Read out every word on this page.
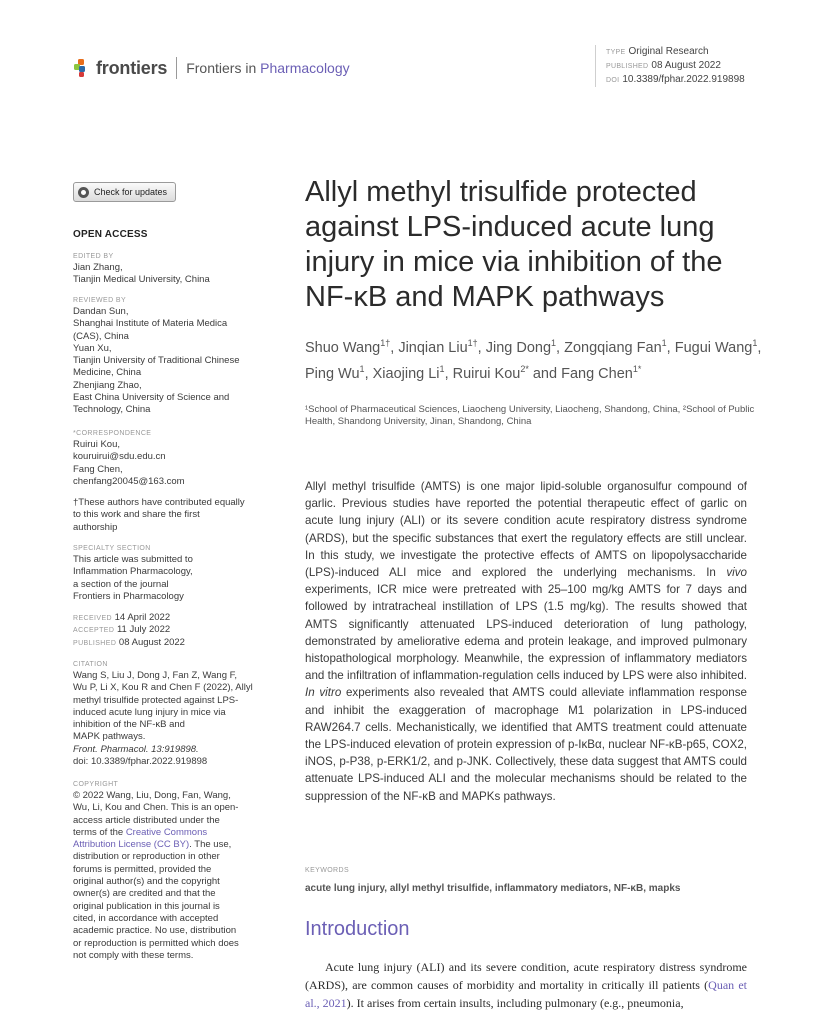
frontiers Frontiers in Pharmacology
TYPE Original Research
PUBLISHED 08 August 2022
DOI 10.3389/fphar.2022.919898
Check for updates
OPEN ACCESS
EDITED BY
Jian Zhang,
Tianjin Medical University, China
REVIEWED BY
Dandan Sun,
Shanghai Institute of Materia Medica
(CAS), China
Yuan Xu,
Tianjin University of Traditional Chinese
Medicine, China
Zhenjiang Zhao,
East China University of Science and
Technology, China
*CORRESPONDENCE
Ruirui Kou,
kouruirui@sdu.edu.cn
Fang Chen,
chenfang20045@163.com
†These authors have contributed equally
to this work and share the first
authorship
SPECIALTY SECTION
This article was submitted to
Inflammation Pharmacology,
a section of the journal
Frontiers in Pharmacology
RECEIVED 14 April 2022
ACCEPTED 11 July 2022
PUBLISHED 08 August 2022
CITATION
Wang S, Liu J, Dong J, Fan Z, Wang F,
Wu P, Li X, Kou R and Chen F (2022), Allyl
methyl trisulfide protected against LPS-
induced acute lung injury in mice via
inhibition of the NF-κB and
MAPK pathways.
Front. Pharmacol. 13:919898.
doi: 10.3389/fphar.2022.919898
COPYRIGHT
© 2022 Wang, Liu, Dong, Fan, Wang,
Wu, Li, Kou and Chen. This is an open-
access article distributed under the
terms of the Creative Commons
Attribution License (CC BY). The use,
distribution or reproduction in other
forums is permitted, provided the
original author(s) and the copyright
owner(s) are credited and that the
original publication in this journal is
cited, in accordance with accepted
academic practice. No use, distribution
or reproduction is permitted which does
not comply with these terms.
Allyl methyl trisulfide protected against LPS-induced acute lung injury in mice via inhibition of the NF-κB and MAPK pathways
Shuo Wang$^{1\dagger}$, Jinqian Liu$^{1\dagger}$, Jing Dong$^1$, Zongqiang Fan$^1$, Fugui Wang$^1$, Ping Wu$^1$, Xiaojing Li$^1$, Ruirui Kou$^{2*}$ and Fang Chen$^{1*}$
¹School of Pharmaceutical Sciences, Liaocheng University, Liaocheng, Shandong, China, ²School of Public Health, Shandong University, Jinan, Shandong, China
Allyl methyl trisulfide (AMTS) is one major lipid-soluble organosulfur compound of garlic. Previous studies have reported the potential therapeutic effect of garlic on acute lung injury (ALI) or its severe condition acute respiratory distress syndrome (ARDS), but the specific substances that exert the regulatory effects are still unclear. In this study, we investigate the protective effects of AMTS on lipopolysaccharide (LPS)-induced ALI mice and explored the underlying mechanisms. In vivo experiments, ICR mice were pretreated with 25–100 mg/kg AMTS for 7 days and followed by intratracheal instillation of LPS (1.5 mg/kg). The results showed that AMTS significantly attenuated LPS-induced deterioration of lung pathology, demonstrated by ameliorative edema and protein leakage, and improved pulmonary histopathological morphology. Meanwhile, the expression of inflammatory mediators and the infiltration of inflammation-regulation cells induced by LPS were also inhibited. In vitro experiments also revealed that AMTS could alleviate inflammation response and inhibit the exaggeration of macrophage M1 polarization in LPS-induced RAW264.7 cells. Mechanistically, we identified that AMTS treatment could attenuate the LPS-induced elevation of protein expression of p-IκBα, nuclear NF-κB-p65, COX2, iNOS, p-P38, p-ERK1/2, and p-JNK. Collectively, these data suggest that AMTS could attenuate LPS-induced ALI and the molecular mechanisms should be related to the suppression of the NF-κB and MAPKs pathways.
KEYWORDS
acute lung injury, allyl methyl trisulfide, inflammatory mediators, NF-κB, mapks
Introduction
Acute lung injury (ALI) and its severe condition, acute respiratory distress syndrome (ARDS), are common causes of morbidity and mortality in critically ill patients (Quan et al., 2021). It arises from certain insults, including pulmonary (e.g., pneumonia,
